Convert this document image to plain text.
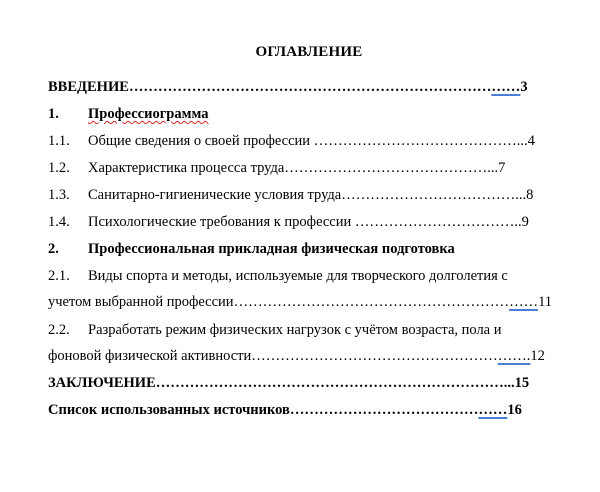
ОГЛАВЛЕНИЕ
ВВЕДЕНИЕ………………………………………………………………………3
1. Профессиограмма
1.1. Общие сведения о своей профессии ……………………………………...4
1.2. Характеристика процесса труда……………………………………...7
1.3. Санитарно-гигиенические условия труда………………………………...8
1.4. Психологические требования к профессии ……………………………..9
2. Профессиональная прикладная физическая подготовка
2.1. Виды спорта и методы, используемые для творческого долголетия с
учетом выбранной профессии………………………………………………………11
2.2. Разработать режим физических нагрузок с учётом возраста, пола и
фоновой физической активности………………………………………………….12
ЗАКЛЮЧЕНИЕ………………………………………………………………...15
Список использованных источников………………………………………16
